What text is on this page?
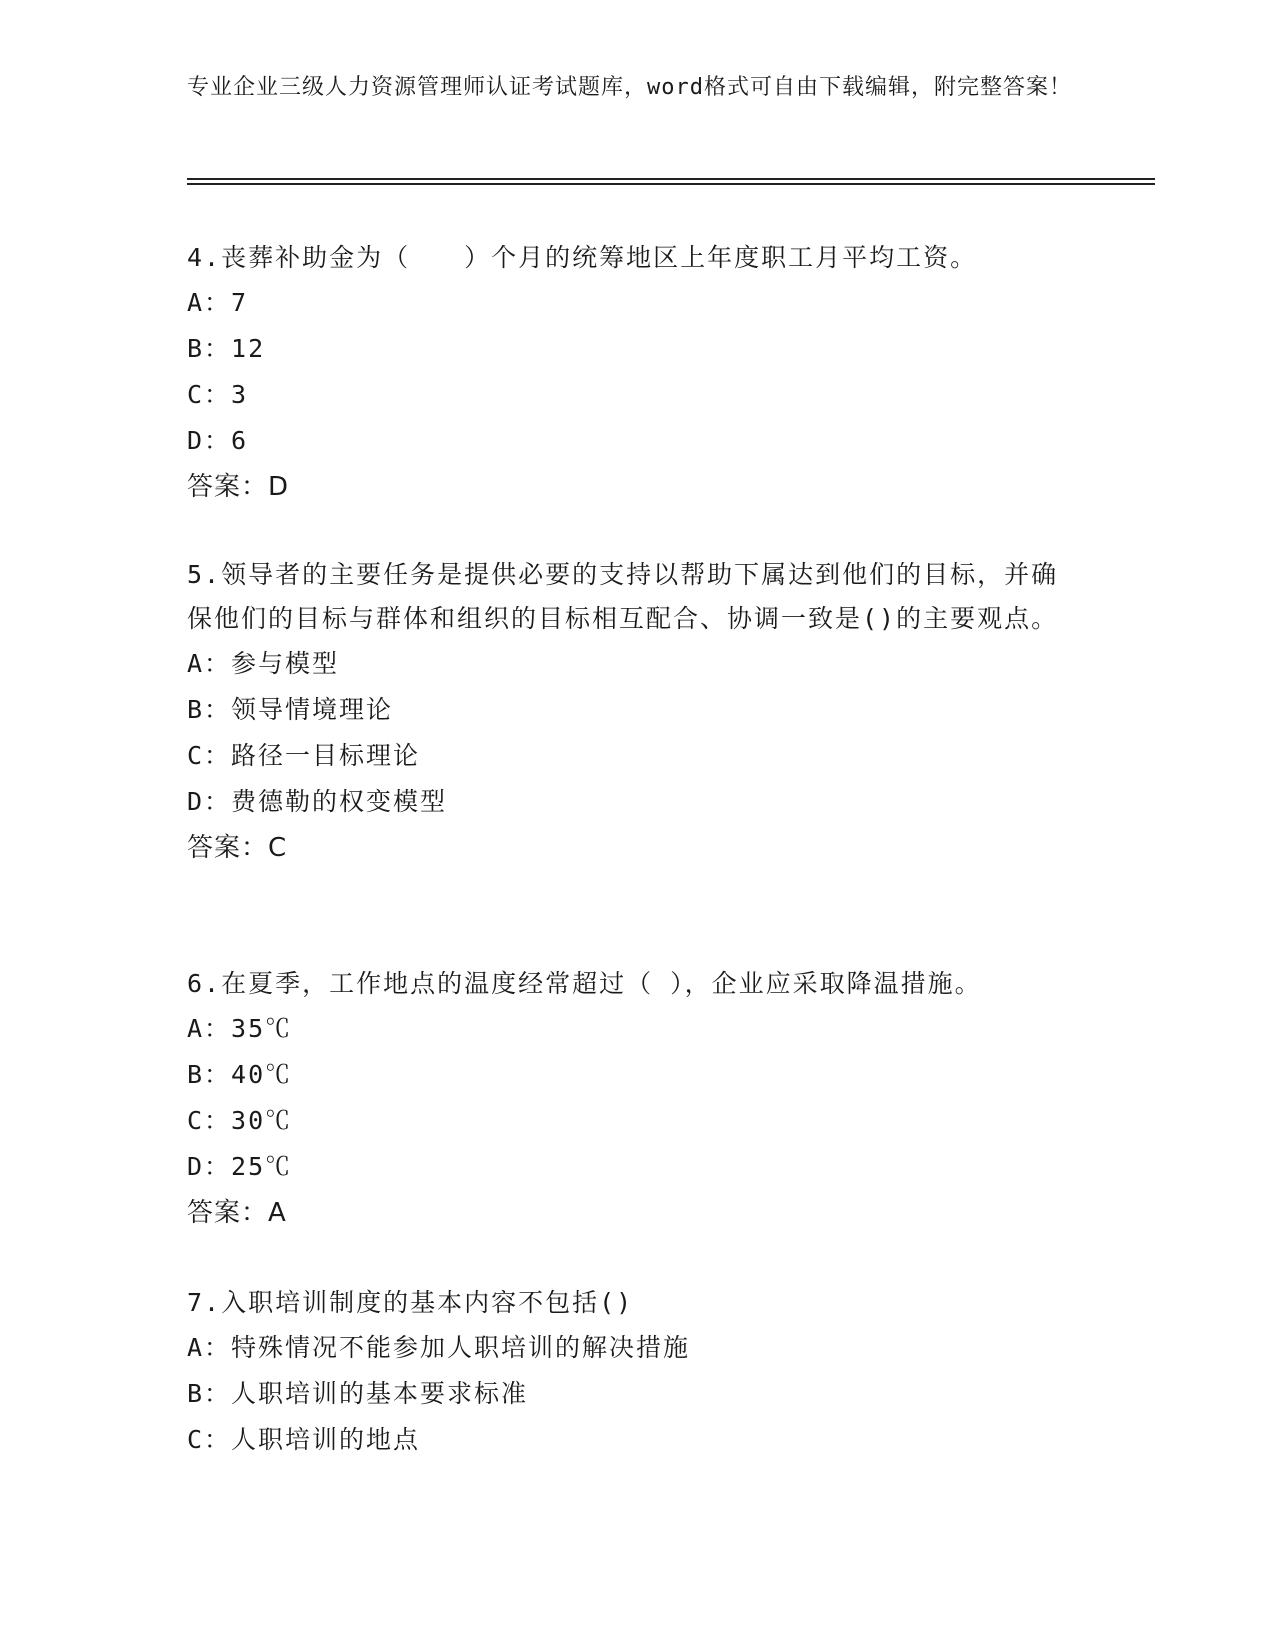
专业企业三级人力资源管理师认证考试题库，word格式可自由下载编辑，附完整答案！
4.丧葬补助金为（　　）个月的统筹地区上年度职工月平均工资。
A：7
B：12
C：3
D：6
答案：D
5.领导者的主要任务是提供必要的支持以帮助下属达到他们的目标，并确保他们的目标与群体和组织的目标相互配合、协调一致是()的主要观点。
A：参与模型
B：领导情境理论
C：路径一目标理论
D：费德勒的权变模型
答案：C
6.在夏季，工作地点的温度经常超过（ ），企业应采取降温措施。
A：35℃
B：40℃
C：30℃
D：25℃
答案：A
7.入职培训制度的基本内容不包括()
A：特殊情况不能参加人职培训的解决措施
B：人职培训的基本要求标准
C：人职培训的地点
